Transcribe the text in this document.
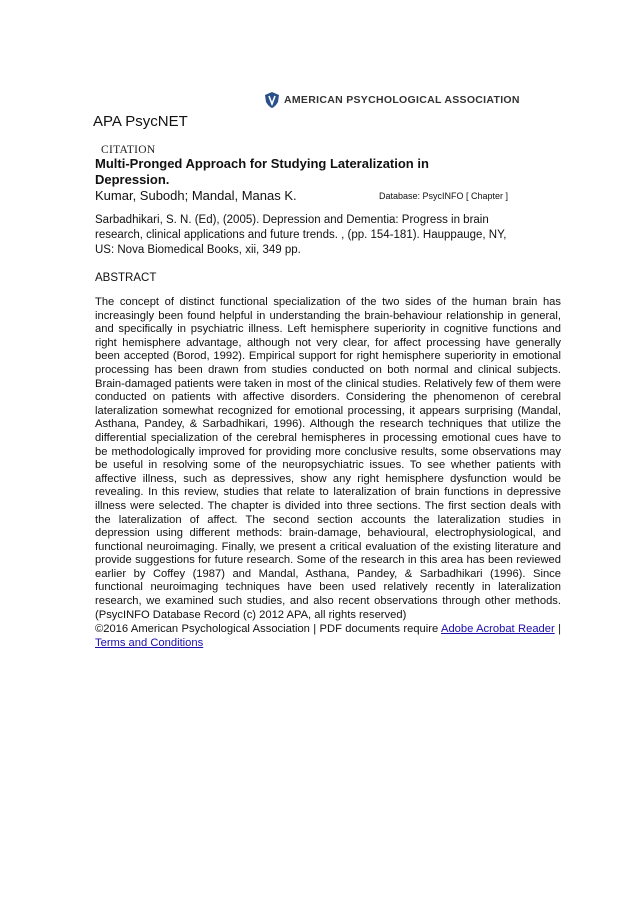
AMERICAN PSYCHOLOGICAL ASSOCIATION
APA PsycNET
CITATION
Multi-Pronged Approach for Studying Lateralization in Depression.
Kumar, Subodh; Mandal, Manas K.	Database: PsycINFO [ Chapter ]
Sarbadhikari, S. N. (Ed), (2005). Depression and Dementia: Progress in brain research, clinical applications and future trends. , (pp. 154-181). Hauppauge, NY, US: Nova Biomedical Books, xii, 349 pp.
ABSTRACT
The concept of distinct functional specialization of the two sides of the human brain has increasingly been found helpful in understanding the brain-behaviour relationship in general, and specifically in psychiatric illness. Left hemisphere superiority in cognitive functions and right hemisphere advantage, although not very clear, for affect processing have generally been accepted (Borod, 1992). Empirical support for right hemisphere superiority in emotional processing has been drawn from studies conducted on both normal and clinical subjects. Brain-damaged patients were taken in most of the clinical studies. Relatively few of them were conducted on patients with affective disorders. Considering the phenomenon of cerebral lateralization somewhat recognized for emotional processing, it appears surprising (Mandal, Asthana, Pandey, & Sarbadhikari, 1996). Although the research techniques that utilize the differential specialization of the cerebral hemispheres in processing emotional cues have to be methodologically improved for providing more conclusive results, some observations may be useful in resolving some of the neuropsychiatric issues. To see whether patients with affective illness, such as depressives, show any right hemisphere dysfunction would be revealing. In this review, studies that relate to lateralization of brain functions in depressive illness were selected. The chapter is divided into three sections. The first section deals with the lateralization of affect. The second section accounts the lateralization studies in depression using different methods: brain-damage, behavioural, electrophysiological, and functional neuroimaging. Finally, we present a critical evaluation of the existing literature and provide suggestions for future research. Some of the research in this area has been reviewed earlier by Coffey (1987) and Mandal, Asthana, Pandey, & Sarbadhikari (1996). Since functional neuroimaging techniques have been used relatively recently in lateralization research, we examined such studies, and also recent observations through other methods. (PsycINFO Database Record (c) 2012 APA, all rights reserved)
©2016 American Psychological Association | PDF documents require Adobe Acrobat Reader | Terms and Conditions
